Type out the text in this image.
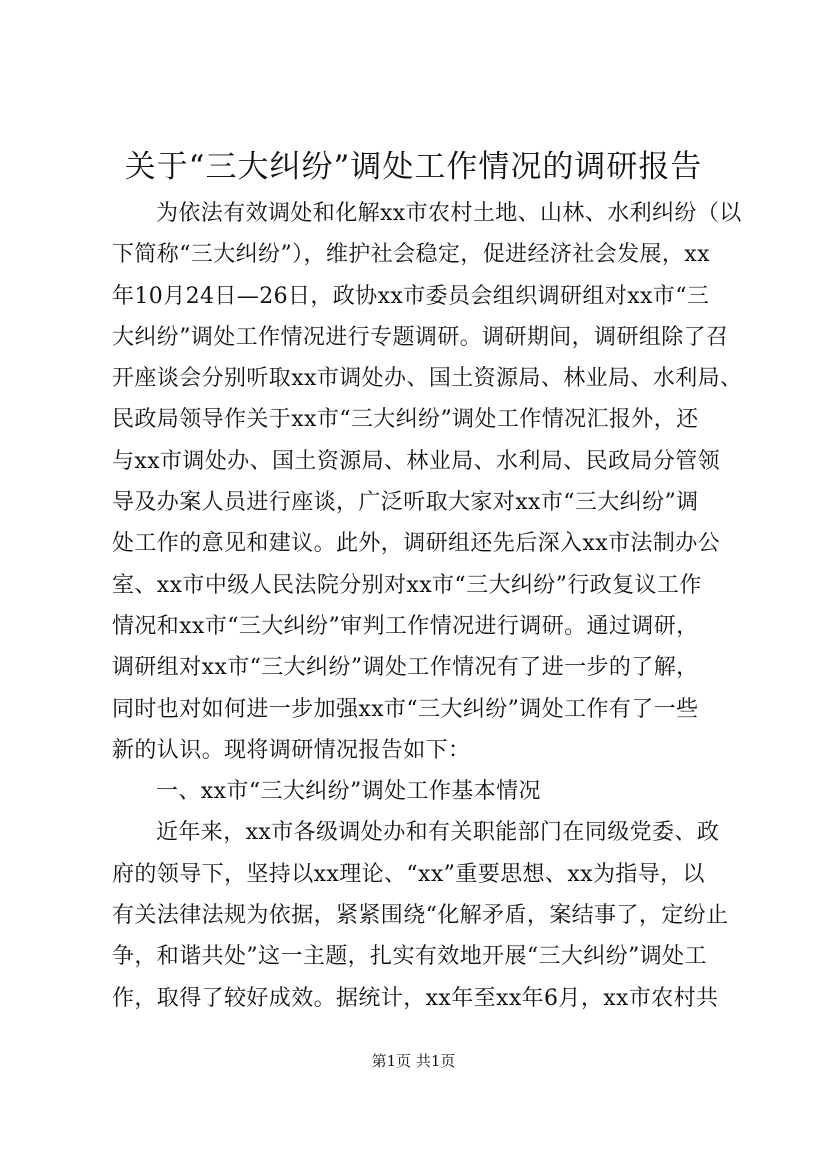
关于“三大纠纷”调处工作情况的调研报告
为依法有效调处和化解xx市农村土地、山林、水利纠纷（以
下简称“三大纠纷”），维护社会稳定，促进经济社会发展，xx
年10月24日—26日，政协xx市委员会组织调研组对xx市“三
大纠纷”调处工作情况进行专题调研。调研期间，调研组除了召
开座谈会分别听取xx市调处办、国土资源局、林业局、水利局、
民政局领导作关于xx市“三大纠纷”调处工作情况汇报外，还
与xx市调处办、国土资源局、林业局、水利局、民政局分管领
导及办案人员进行座谈，广泛听取大家对xx市“三大纠纷”调
处工作的意见和建议。此外，调研组还先后深入xx市法制办公
室、xx市中级人民法院分别对xx市“三大纠纷”行政复议工作
情况和xx市“三大纠纷”审判工作情况进行调研。通过调研，
调研组对xx市“三大纠纷”调处工作情况有了进一步的了解，
同时也对如何进一步加强xx市“三大纠纷”调处工作有了一些
新的认识。现将调研情况报告如下：
一、xx市“三大纠纷”调处工作基本情况
近年来，xx市各级调处办和有关职能部门在同级党委、政
府的领导下，坚持以xx理论、“xx”重要思想、xx为指导，以
有关法律法规为依据，紧紧围绕“化解矛盾，案结事了，定纷止
争，和谐共处”这一主题，扎实有效地开展“三大纠纷”调处工
作，取得了较好成效。据统计，xx年至xx年6月，xx市农村共
第1页 共1页
